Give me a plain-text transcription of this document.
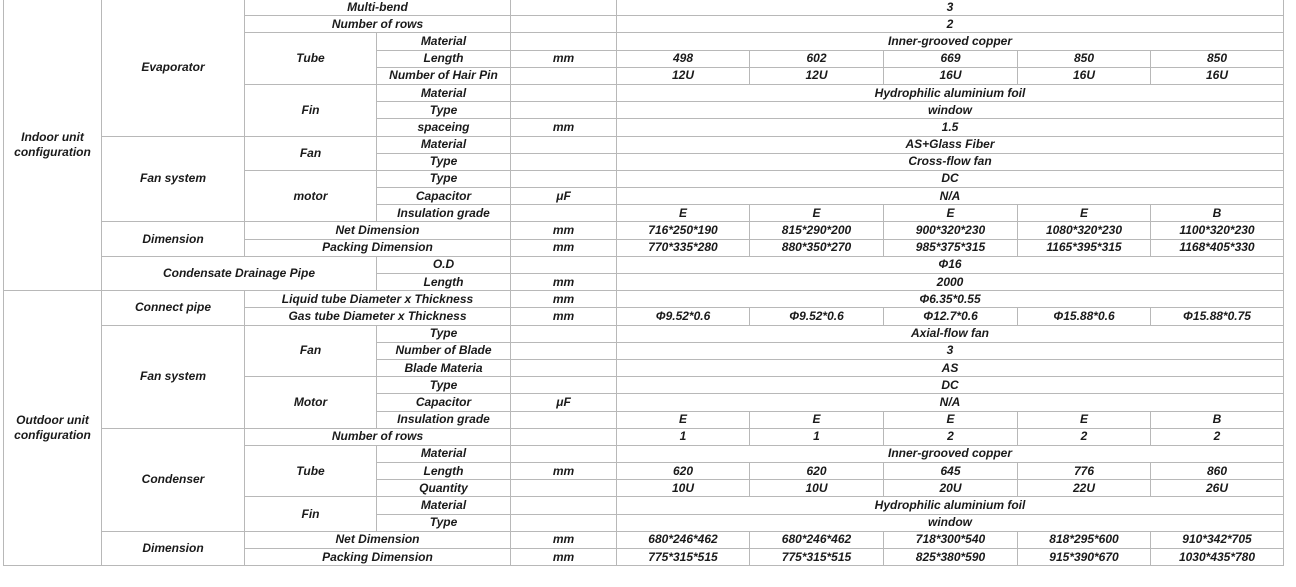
Indoor unit configuration	Evaporator	Multi-bend			3				
		Number of rows			2				
		Tube	Material		Inner-grooved copper				
			Length	mm	498	602	669	850	850
			Number of Hair Pin		12U	12U	16U	16U	16U
		Fin	Material		Hydrophilic aluminium foil				
			Type		window				
			spaceing	mm	1.5				
	Fan system	Fan	Material		AS+Glass Fiber				
			Type		Cross-flow fan				
		motor	Type		DC				
			Capacitor	μF	N/A				
			Insulation grade		E	E	E	E	B
	Dimension	Net Dimension		mm	716*250*190	815*290*200	900*320*230	1080*320*230	1100*320*230
		Packing Dimension		mm	770*335*280	880*350*270	985*375*315	1165*395*315	1168*405*330
	Condensate Drainage Pipe		O.D		Φ16				
			Length	mm	2000				
Outdoor unit configuration	Connect pipe	Liquid tube Diameter x Thickness		mm	Φ6.35*0.55				
		Gas tube Diameter x Thickness		mm	Φ9.52*0.6	Φ9.52*0.6	Φ12.7*0.6	Φ15.88*0.6	Φ15.88*0.75
	Fan system	Fan	Type		Axial-flow fan				
			Number of Blade		3				
			Blade Materia		AS				
		Motor	Type		DC				
			Capacitor	μF	N/A				
			Insulation grade		E	E	E	E	B
	Condenser	Number of rows			1	1	2	2	2
		Tube	Material		Inner-grooved copper				
			Length	mm	620	620	645	776	860
			Quantity		10U	10U	20U	22U	26U
		Fin	Material		Hydrophilic aluminium foil				
			Type		window				
	Dimension	Net Dimension		mm	680*246*462	680*246*462	718*300*540	818*295*600	910*342*705
		Packing Dimension		mm	775*315*515	775*315*515	825*380*590	915*390*670	1030*435*780
